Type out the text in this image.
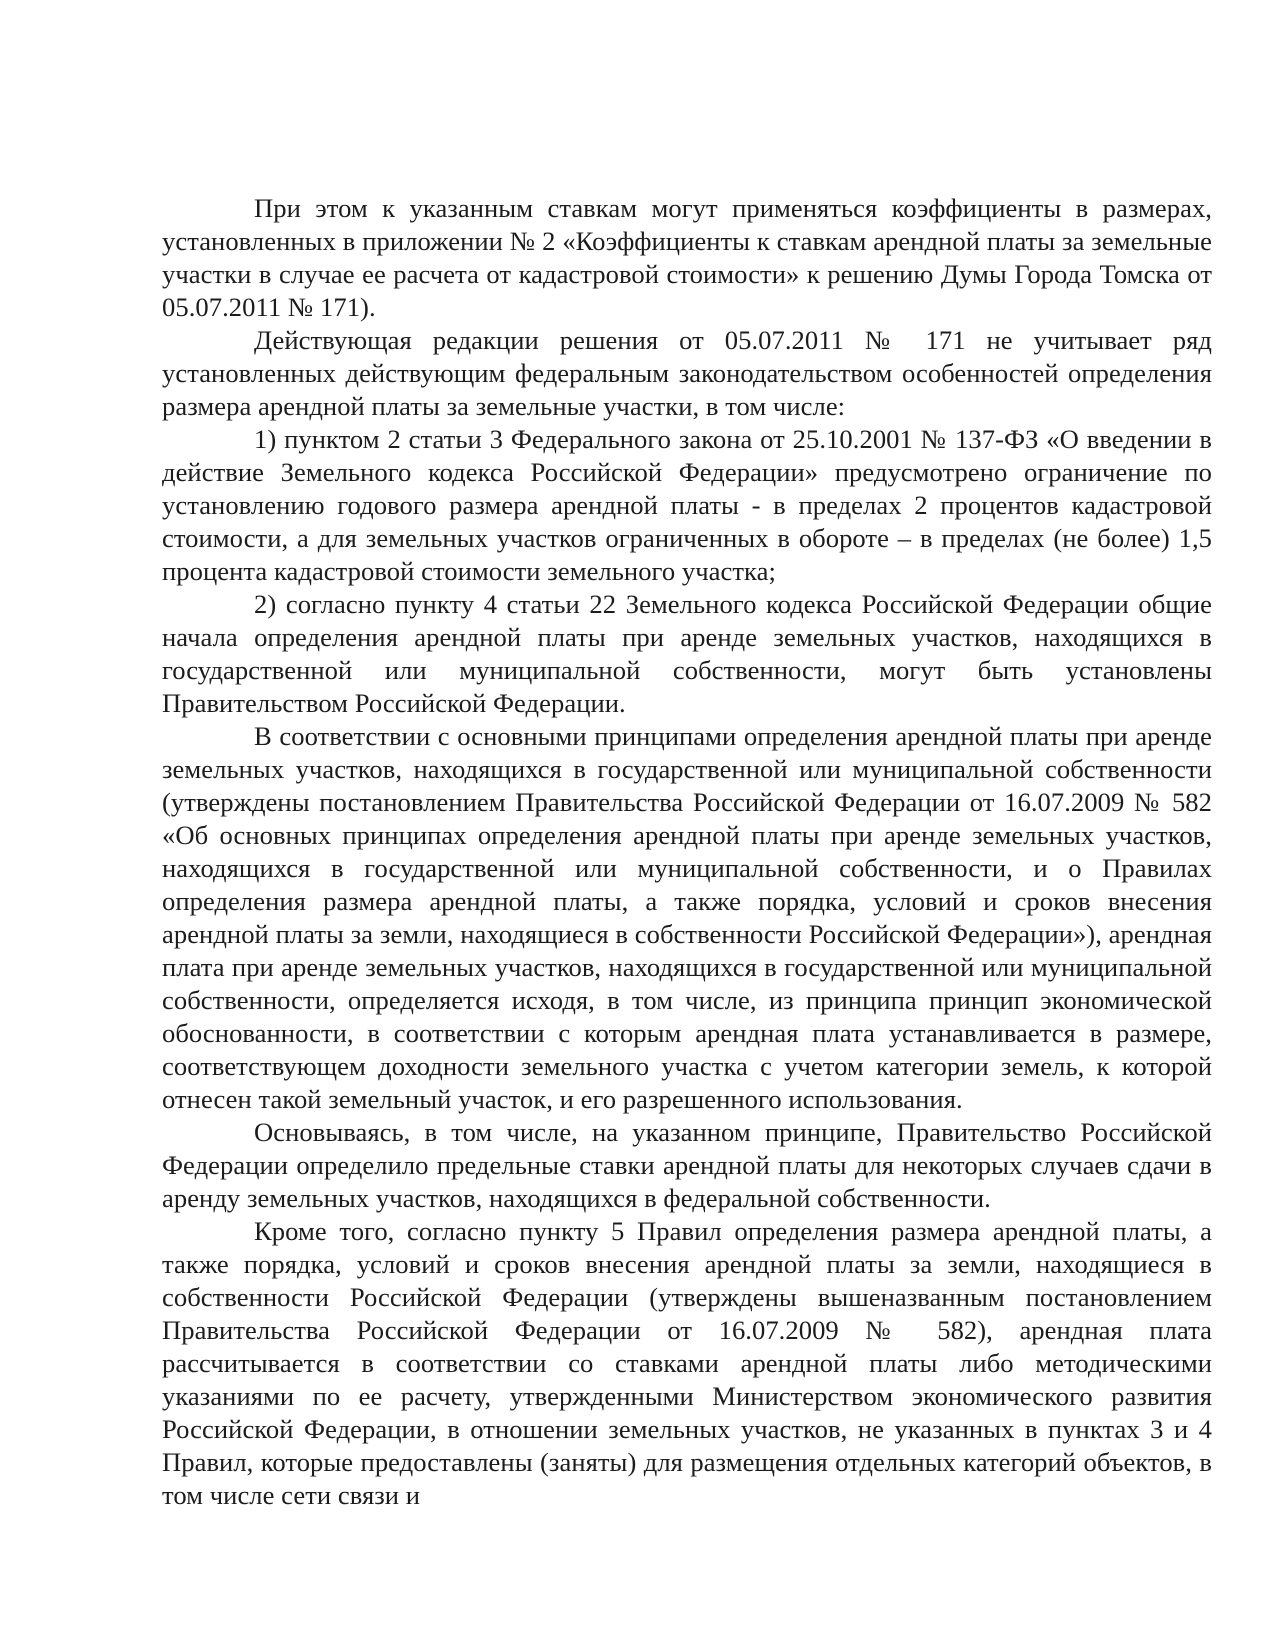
При этом к указанным ставкам могут применяться коэффициенты в размерах, установленных в приложении № 2 «Коэффициенты к ставкам арендной платы за земельные участки в случае ее расчета от кадастровой стоимости» к решению Думы Города Томска от 05.07.2011 № 171).

Действующая редакции решения от 05.07.2011 № 171 не учитывает ряд установленных действующим федеральным законодательством особенностей определения размера арендной платы за земельные участки, в том числе:

1) пунктом 2 статьи 3 Федерального закона от 25.10.2001 № 137-ФЗ «О введении в действие Земельного кодекса Российской Федерации» предусмотрено ограничение по установлению годового размера арендной платы - в пределах 2 процентов кадастровой стоимости, а для земельных участков ограниченных в обороте – в пределах (не более) 1,5 процента кадастровой стоимости земельного участка;

2) согласно пункту 4 статьи 22 Земельного кодекса Российской Федерации общие начала определения арендной платы при аренде земельных участков, находящихся в государственной или муниципальной собственности, могут быть установлены Правительством Российской Федерации.

В соответствии с основными принципами определения арендной платы при аренде земельных участков, находящихся в государственной или муниципальной собственности (утверждены постановлением Правительства Российской Федерации от 16.07.2009 № 582 «Об основных принципах определения арендной платы при аренде земельных участков, находящихся в государственной или муниципальной собственности, и о Правилах определения размера арендной платы, а также порядка, условий и сроков внесения арендной платы за земли, находящиеся в собственности Российской Федерации»), арендная плата при аренде земельных участков, находящихся в государственной или муниципальной собственности, определяется исходя, в том числе, из принципа принцип экономической обоснованности, в соответствии с которым арендная плата устанавливается в размере, соответствующем доходности земельного участка с учетом категории земель, к которой отнесен такой земельный участок, и его разрешенного использования.

Основываясь, в том числе, на указанном принципе, Правительство Российской Федерации определило предельные ставки арендной платы для некоторых случаев сдачи в аренду земельных участков, находящихся в федеральной собственности.

Кроме того, согласно пункту 5 Правил определения размера арендной платы, а также порядка, условий и сроков внесения арендной платы за земли, находящиеся в собственности Российской Федерации (утверждены вышеназванным постановлением Правительства Российской Федерации от 16.07.2009 № 582), арендная плата рассчитывается в соответствии со ставками арендной платы либо методическими указаниями по ее расчету, утвержденными Министерством экономического развития Российской Федерации, в отношении земельных участков, не указанных в пунктах 3 и 4 Правил, которые предоставлены (заняты) для размещения отдельных категорий объектов, в том числе сети связи и
